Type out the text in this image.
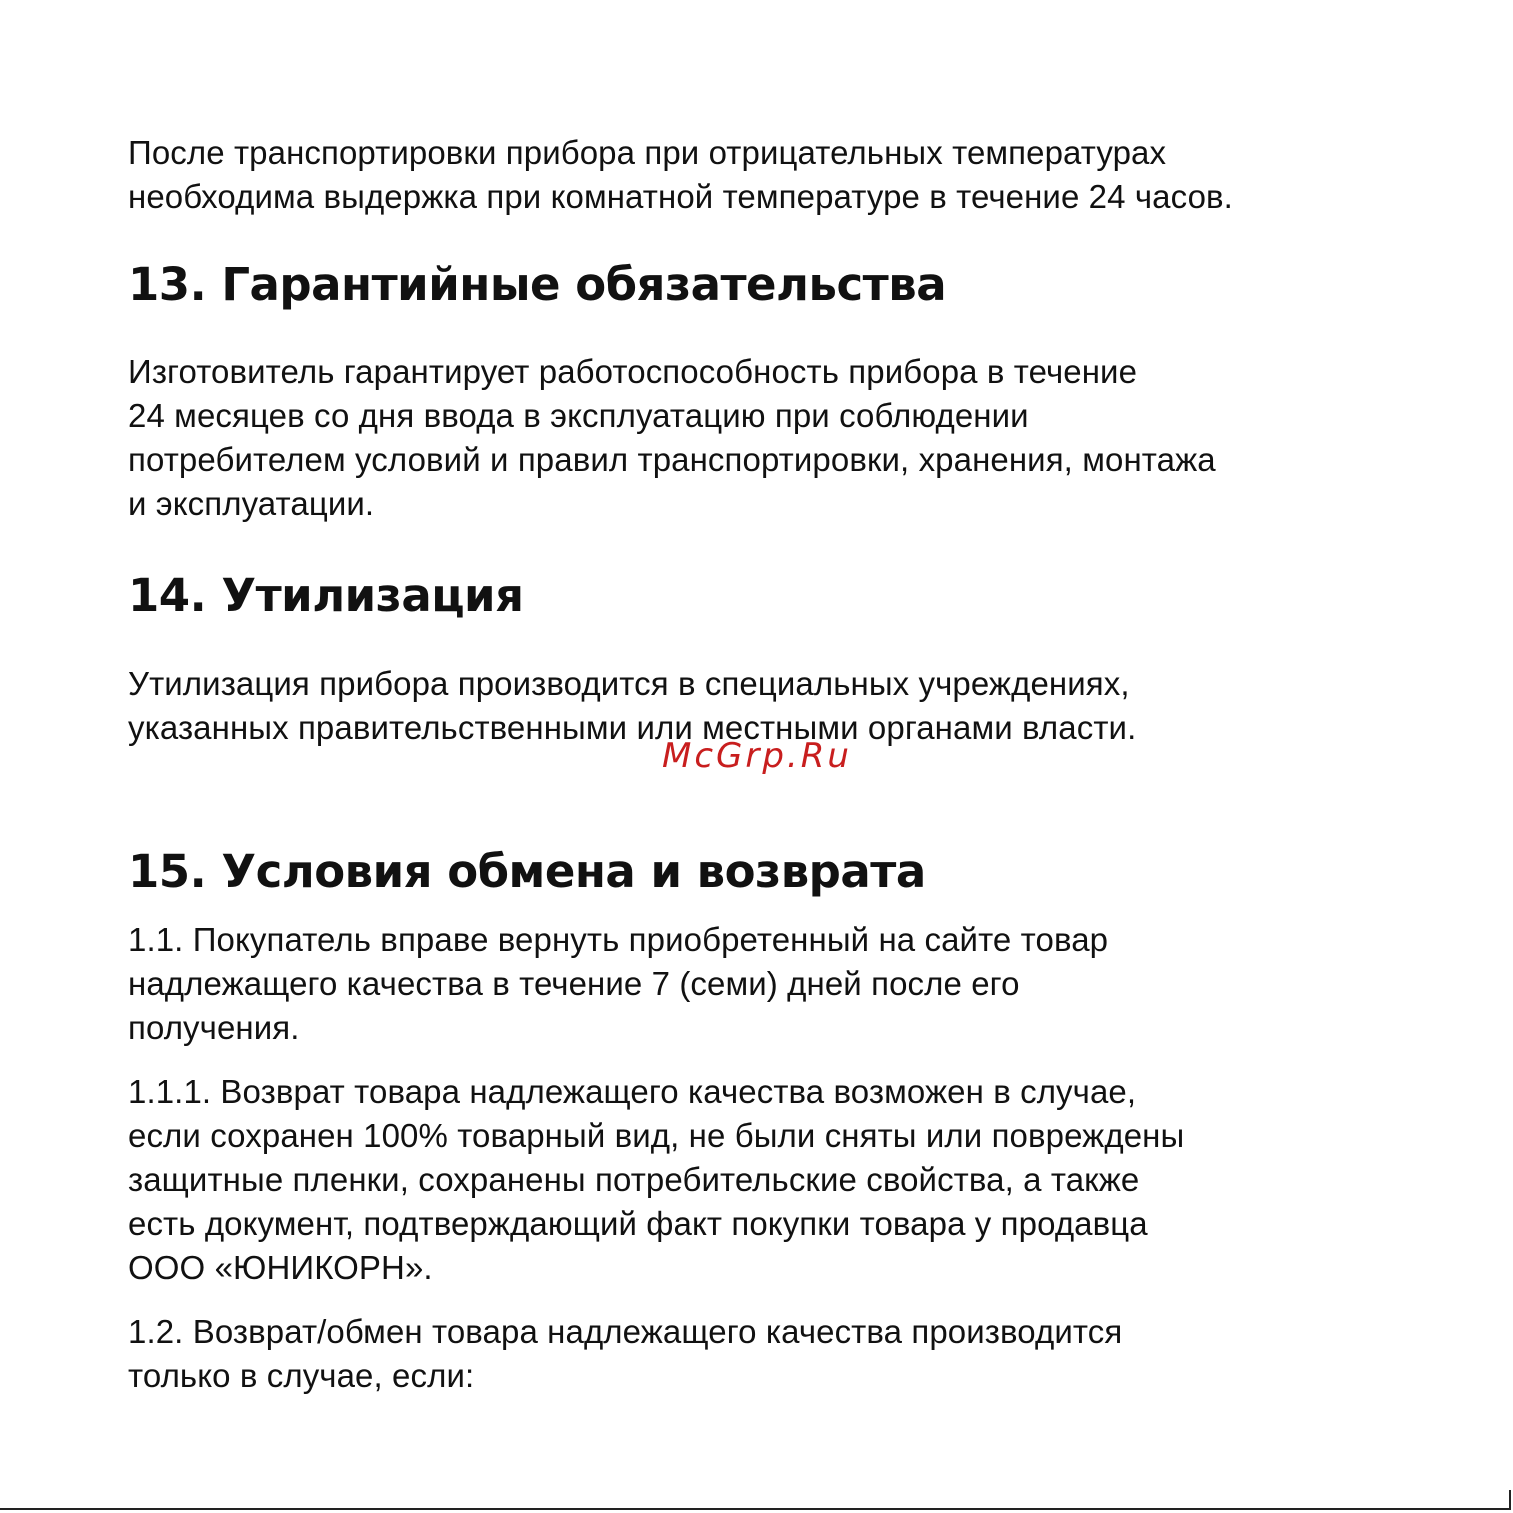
После транспортировки прибора при отрицательных температурах

необходима выдержка при комнатной температуре в течение 24 часов.

13. Гарантийные обязательства

Изготовитель гарантирует работоспособность прибора в течение

24 месяцев со дня ввода в эксплуатацию при соблюдении

потребителем условий и правил транспортировки, хранения, монтажа

и эксплуатации.

14. Утилизация

Утилизация прибора производится в специальных учреждениях,

указанных правительственными или местными органами власти.

McGrp.Ru
15. Условия обмена и возврата

1.1. Покупатель вправе вернуть приобретенный на сайте товар

надлежащего качества в течение 7 (семи) дней после его

получения.

1.1.1. Возврат товара надлежащего качества возможен в случае,

если сохранен 100% товарный вид, не были сняты или повреждены

защитные пленки, сохранены потребительские свойства, а также

есть документ, подтверждающий факт покупки товара у продавца

ООО «ЮНИКОРН».

1.2. Возврат/обмен товара надлежащего качества производится

только в случае, если:
